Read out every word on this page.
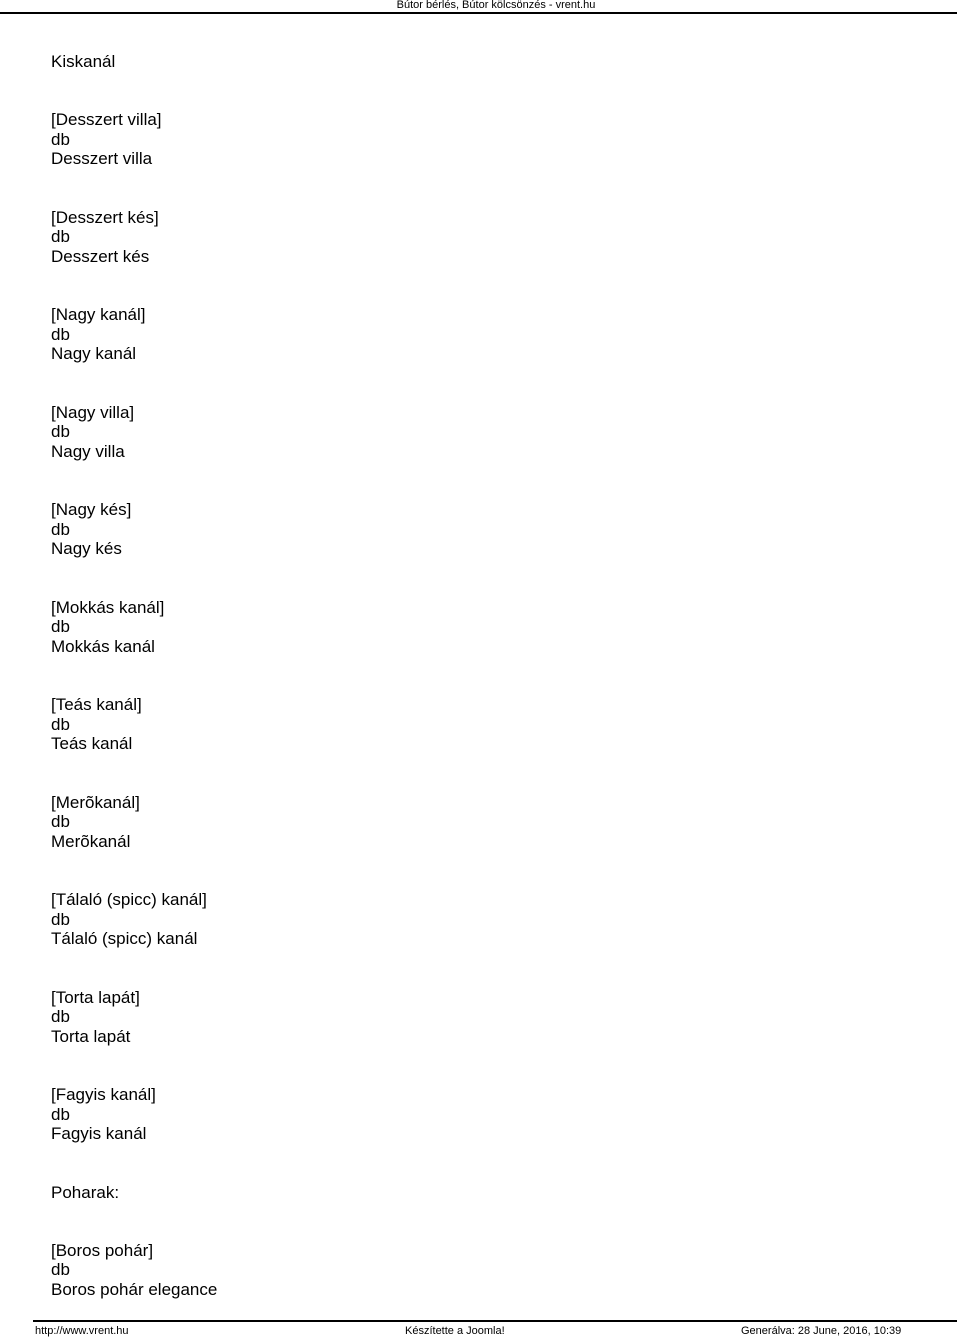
Bútor bérlés, Bútor kölcsönzés - vrent.hu
Kiskanál
[Desszert villa]
db
Desszert villa
[Desszert kés]
db
Desszert kés
[Nagy kanál]
db
Nagy kanál
[Nagy villa]
db
Nagy villa
[Nagy kés]
db
Nagy kés
[Mokkás kanál]
db
Mokkás kanál
[Teás kanál]
db
Teás kanál
[Merõkanál]
db
Merõkanál
[Tálaló (spicc) kanál]
db
Tálaló (spicc) kanál
[Torta lapát]
db
Torta lapát
[Fagyis kanál]
db
Fagyis kanál
Poharak:
[Boros pohár]
db
Boros pohár elegance
http://www.vrent.hu	Készítette a Joomla!	Generálva: 28 June, 2016, 10:39
